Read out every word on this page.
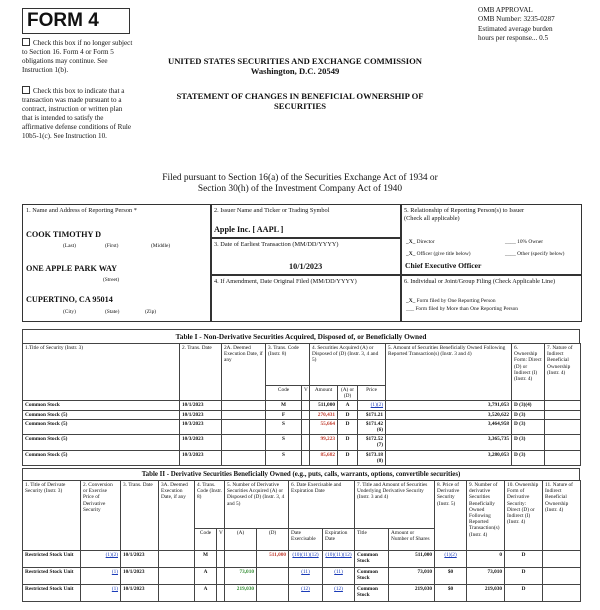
FORM 4	OMB APPROVAL
OMB Number: 3235-0287
Estimated average burden
hours per response... 0.5
Check this box if no longer subject to Section 16. Form 4 or Form 5 obligations may continue. See Instruction 1(b).
Check this box to indicate that a transaction was made pursuant to a contract, instruction or written plan that is intended to satisfy the affirmative defense conditions of Rule 10b5-1(c). See Instruction 10.
UNITED STATES SECURITIES AND EXCHANGE COMMISSION
Washington, D.C. 20549
STATEMENT OF CHANGES IN BENEFICIAL OWNERSHIP OF SECURITIES
Filed pursuant to Section 16(a) of the Securities Exchange Act of 1934 or
Section 30(h) of the Investment Company Act of 1940
1. Name and Address of Reporting Person *
COOK TIMOTHY D
(Last)	(First)	(Middle)
ONE APPLE PARK WAY
(Street)
CUPERTINO, CA 95014
(City)	(State)	(Zip)
2. Issuer Name and Ticker or Trading Symbol
Apple Inc. [ AAPL ]
3. Date of Earliest Transaction (MM/DD/YYYY)
10/1/2023
4. If Amendment, Date Original Filed (MM/DD/YYYY)
5. Relationship of Reporting Person(s) to Issuer
(Check all applicable)
_X_ Director	____ 10% Owner
_X_ Officer (give title below)	____ Other (specify below)
Chief Executive Officer
6. Individual or Joint/Group Filing (Check Applicable Line)
_X_ Form filed by One Reporting Person
___ Form filed by More than One Reporting Person
Table I - Non-Derivative Securities Acquired, Disposed of, or Beneficially Owned
1.Title of Security (Instr. 3)	2. Trans. Date	2A. Deemed Execution Date, if any	3. Trans. Code (Instr. 8)		4. Securities Acquired (A) or Disposed of (D) (Instr. 3, 4 and 5)			5. Amount of Securities Beneficially Owned Following Reported Transaction(s) (Instr. 3 and 4)	6. Ownership Form: Direct (D) or Indirect (I) (Instr. 4)	7. Nature of Indirect Beneficial Ownership (Instr. 4)
			Code	V	Amount	(A) or (D)	Price			
Common Stock	10/1/2023		M		511,000	A	(1)(2)	3,791,053	D (3)(4)	
Common Stock (5)	10/1/2023		F		270,431	D	$171.21	3,520,622	D (3)	
Common Stock (5)	10/3/2023		S		55,664	D	$171.42 (6)	3,464,958	D (3)	
Common Stock (5)	10/3/2023		S		99,223	D	$172.52 (7)	3,365,735	D (3)	
Common Stock (5)	10/3/2023		S		85,682	D	$173.18 (8)	3,280,053	D (3)	
Table II - Derivative Securities Beneficially Owned (e.g., puts, calls, warrants, options, convertible securities)
1. Title of Derivate Security (Instr. 3)	2. Conversion or Exercise Price of Derivative Security	3. Trans. Date	3A. Deemed Execution Date, if any	4. Trans. Code (Instr. 8)		5. Number of Derivative Securities Acquired (A) or Disposed of (D) (Instr. 3, 4 and 5)		6. Date Exercisable and Expiration Date		7. Title and Amount of Securities Underlying Derivative Security (Instr. 3 and 4)		8. Price of Derivative Security (Instr. 5)	9. Number of derivative Securities Beneficially Owned Following Reported Transaction(s) (Instr. 4)	10. Ownership Form of Derivative Security: Direct (D) or Indirect (I) (Instr. 4)	11. Nature of Indirect Beneficial Ownership (Instr. 4)
				Code	V	(A)	(D)	Date Exercisable	Expiration Date	Title	Amount or Number of Shares				
Restricted Stock Unit	(1)(2)	10/1/2023		M			511,000	(10)(11)(12)	(10)(11)(12)	Common Stock	511,000	(1)(2)	0	D	
Restricted Stock Unit	(1)	10/1/2023		A		73,010		(11)	(11)	Common Stock	73,010	$0	73,010	D	
Restricted Stock Unit	(1)	10/1/2023		A		219,030		(12)	(12)	Common Stock	219,030	$0	219,030	D	
